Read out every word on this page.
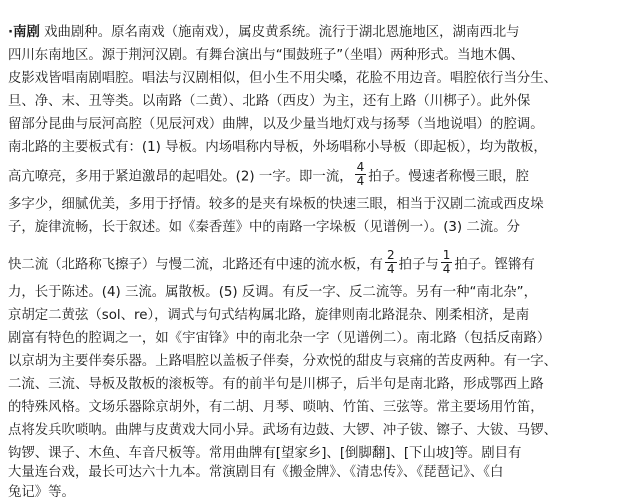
·南剧 戏曲剧种。原名南戏（施南戏），属皮黄系统。流行于湖北恩施地区，湖南西北与
四川东南地区。源于荆河汉剧。有舞台演出与“围鼓班子”（坐唱）两种形式。当地木偶、
皮影戏皆唱南剧唱腔。唱法与汉剧相似，但小生不用尖嗓，花脸不用边音。唱腔依行当分生、
旦、净、末、丑等类。以南路（二黄）、北路（西皮）为主，还有上路（川梆子）。此外保
留部分昆曲与辰河高腔（见辰河戏）曲牌，以及少量当地灯戏与扬琴（当地说唱）的腔调。
南北路的主要板式有：(1) 导板。内场唱称内导板，外场唱称小导板（即起板），均为散板，
高亢嘹亮，多用于紧迫激昂的起唱处。(2) 一字。即一流， $\frac{4}{4}$ 拍子。慢速者称慢三眼，腔
多字少，细腻优美，多用于抒情。较多的是夹有垛板的快速三眼，相当于汉剧二流或西皮垛
子，旋律流畅，长于叙述。如《秦香莲》中的南路一字垛板（见谱例一）。(3) 二流。分
快二流（北路称飞擦子）与慢二流，北路还有中速的流水板，有 $\frac{2}{4}$ 拍子与 $\frac{1}{4}$ 拍子。铿锵有
力，长于陈述。(4) 三流。属散板。(5) 反调。有反一字、反二流等。另有一种“南北杂”，
京胡定二黄弦（sol、re），调式与句式结构属北路，旋律则南北路混杂、刚柔相济，是南
剧富有特色的腔调之一，如《宇宙锋》中的南北杂一字（见谱例二）。南北路（包括反南路）
以京胡为主要伴奏乐器。上路唱腔以盖板子伴奏，分欢悦的甜皮与哀痛的苦皮两种。有一字、
二流、三流、导板及散板的滚板等。有的前半句是川梆子，后半句是南北路，形成鄂西上路
的特殊风格。文场乐器除京胡外，有二胡、月琴、唢呐、竹笛、三弦等。常主要场用竹笛，
点将发兵吹唢呐。曲牌与皮黄戏大同小异。武场有边鼓、大锣、冲子钹、镲子、大钹、马锣、
钩锣、课子、木鱼、车音尺板等。常用曲牌有[望家乡]、[倒脚翻]、[下山坡]等。剧目有
大量连台戏，最长可达六十九本。常演剧目有《搬金牌》、《清忠传》、《琵琶记》、《白
兔记》等。
